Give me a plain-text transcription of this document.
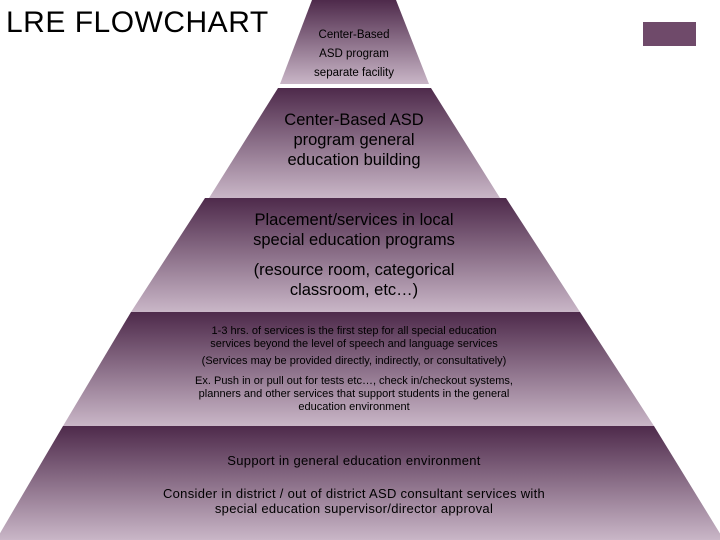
LRE FLOWCHART	Center-Based
ASD program
separate facility
Center-Based ASD
program general
education building
Placement/services in local
special education programs
(resource room, categorical
classroom, etc…)
1-3 hrs. of services is the first step for all special education
services beyond the level of speech and language services
(Services may be provided directly, indirectly, or consultatively)
Ex. Push in or pull out for tests etc…, check in/checkout systems,
planners and other services that support students in the general
education environment
Support in general education environment
Consider in district / out of district ASD consultant services with
special education supervisor/director approval
